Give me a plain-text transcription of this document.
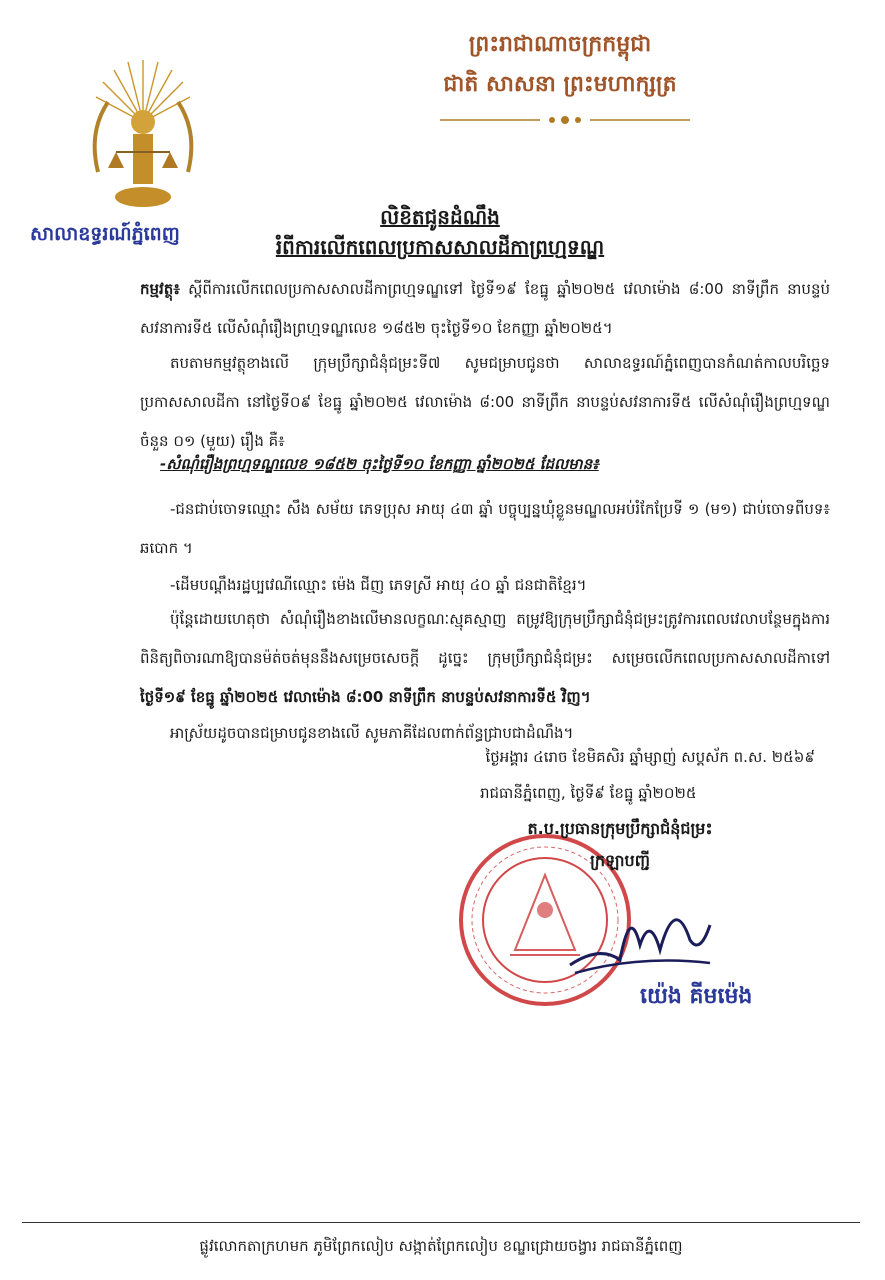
សាលាឧទ្ធរណ៍ភ្នំពេញ
ព្រះរាជាណាចក្រកម្ពុជា
ជាតិ សាសនា ព្រះមហាក្សត្រ
លិខិតជូនដំណឹង
រំពីការលើកពេលប្រកាសសាលដីកាព្រហ្មទណ្ឌ
កម្មវត្ថុ៖ ស្តីពីការលើកពេលប្រកាសសាលដីកាព្រហ្មទណ្ឌទៅ ថ្ងៃទី១៩ ខែធ្នូ ឆ្នាំ២០២៥ វេលាម៉ោង ៨:00 នាទីព្រឹក នាបន្ទប់សវនាការទី៥ លើសំណុំរឿងព្រហ្មទណ្ឌលេខ ១៨៥២ ចុះថ្ងៃទី១០ ខែកញ្ញា ឆ្នាំ២០២៥។
តបតាមកម្មវត្ថុខាងលើ ក្រុមប្រឹក្សាជំនុំជម្រះទី៧ សូមជម្រាបជូនថា សាលាឧទ្ធរណ៍ភ្នំពេញបានកំណត់កាលបរិច្ឆេទប្រកាសសាលដីកា នៅថ្ងៃទី០៩ ខែធ្នូ ឆ្នាំ២០២៥ វេលាម៉ោង ៨:00 នាទីព្រឹក នាបន្ទប់សវនាការទី៥ លើសំណុំរឿងព្រហ្មទណ្ឌចំនួន ០១ (មួយ) រឿង គឺ៖
-សំណុំរឿងព្រហ្មទណ្ឌលេខ ១៨៥២ ចុះថ្ងៃទី១០ ខែកញ្ញា ឆ្នាំ២០២៥ ដែលមាន៖
-ជនជាប់ចោទឈ្មោះ សឹង សម័យ ភេទប្រុស អាយុ ៤៣ ឆ្នាំ បច្ចុប្បន្នឃុំខ្លួនមណ្ឌលអប់រំកែប្រែទី ១ (ម១) ជាប់ចោទពីបទ៖ ឆបោក ។
-ដើមបណ្តឹងរដ្ឋប្បវេណីឈ្មោះ ម៉េង ជីញ ភេទស្រី អាយុ ៤០ ឆ្នាំ ជនជាតិខ្មែរ។
ប៉ុន្តែដោយហេតុថា សំណុំរឿងខាងលើមានលក្ខណៈស្មុគស្មាញ តម្រូវឱ្យក្រុមប្រឹក្សាជំនុំជម្រះត្រូវការពេលវេលាបន្ថែមក្នុងការពិនិត្យពិចារណាឱ្យបានម៉ត់ចត់មុននឹងសម្រេចសេចក្តី ដូច្នេះ ក្រុមប្រឹក្សាជំនុំជម្រះ សម្រេចលើកពេលប្រកាសសាលដីកាទៅ ថ្ងៃទី១៩ ខែធ្នូ ឆ្នាំ២០២៥ វេលាម៉ោង ៨:00 នាទីព្រឹក នាបន្ទប់សវនាការទី៥ វិញ។
អាស្រ័យដូចបានជម្រាបជូនខាងលើ សូមភាគីដែលពាក់ព័ន្ធជ្រាបជាដំណឹង។
ថ្ងៃអង្គារ ៤រោច ខែមិគសិរ ឆ្នាំម្សាញ់ សប្តស័ក ព.ស. ២៥៦៩
រាជធានីភ្នំពេញ, ថ្ងៃទី៩ ខែធ្នូ ឆ្នាំ២០២៥
ត.ប.ប្រធានក្រុមប្រឹក្សាជំនុំជម្រះ
ក្រឡាបញ្ជី
យ៉េង គីមម៉េង
ផ្លូវលោកតាក្រហមក ភូមិព្រែកលៀប សង្កាត់ព្រែកលៀប ខណ្ឌជ្រោយចង្វារ រាជធានីភ្នំពេញ
